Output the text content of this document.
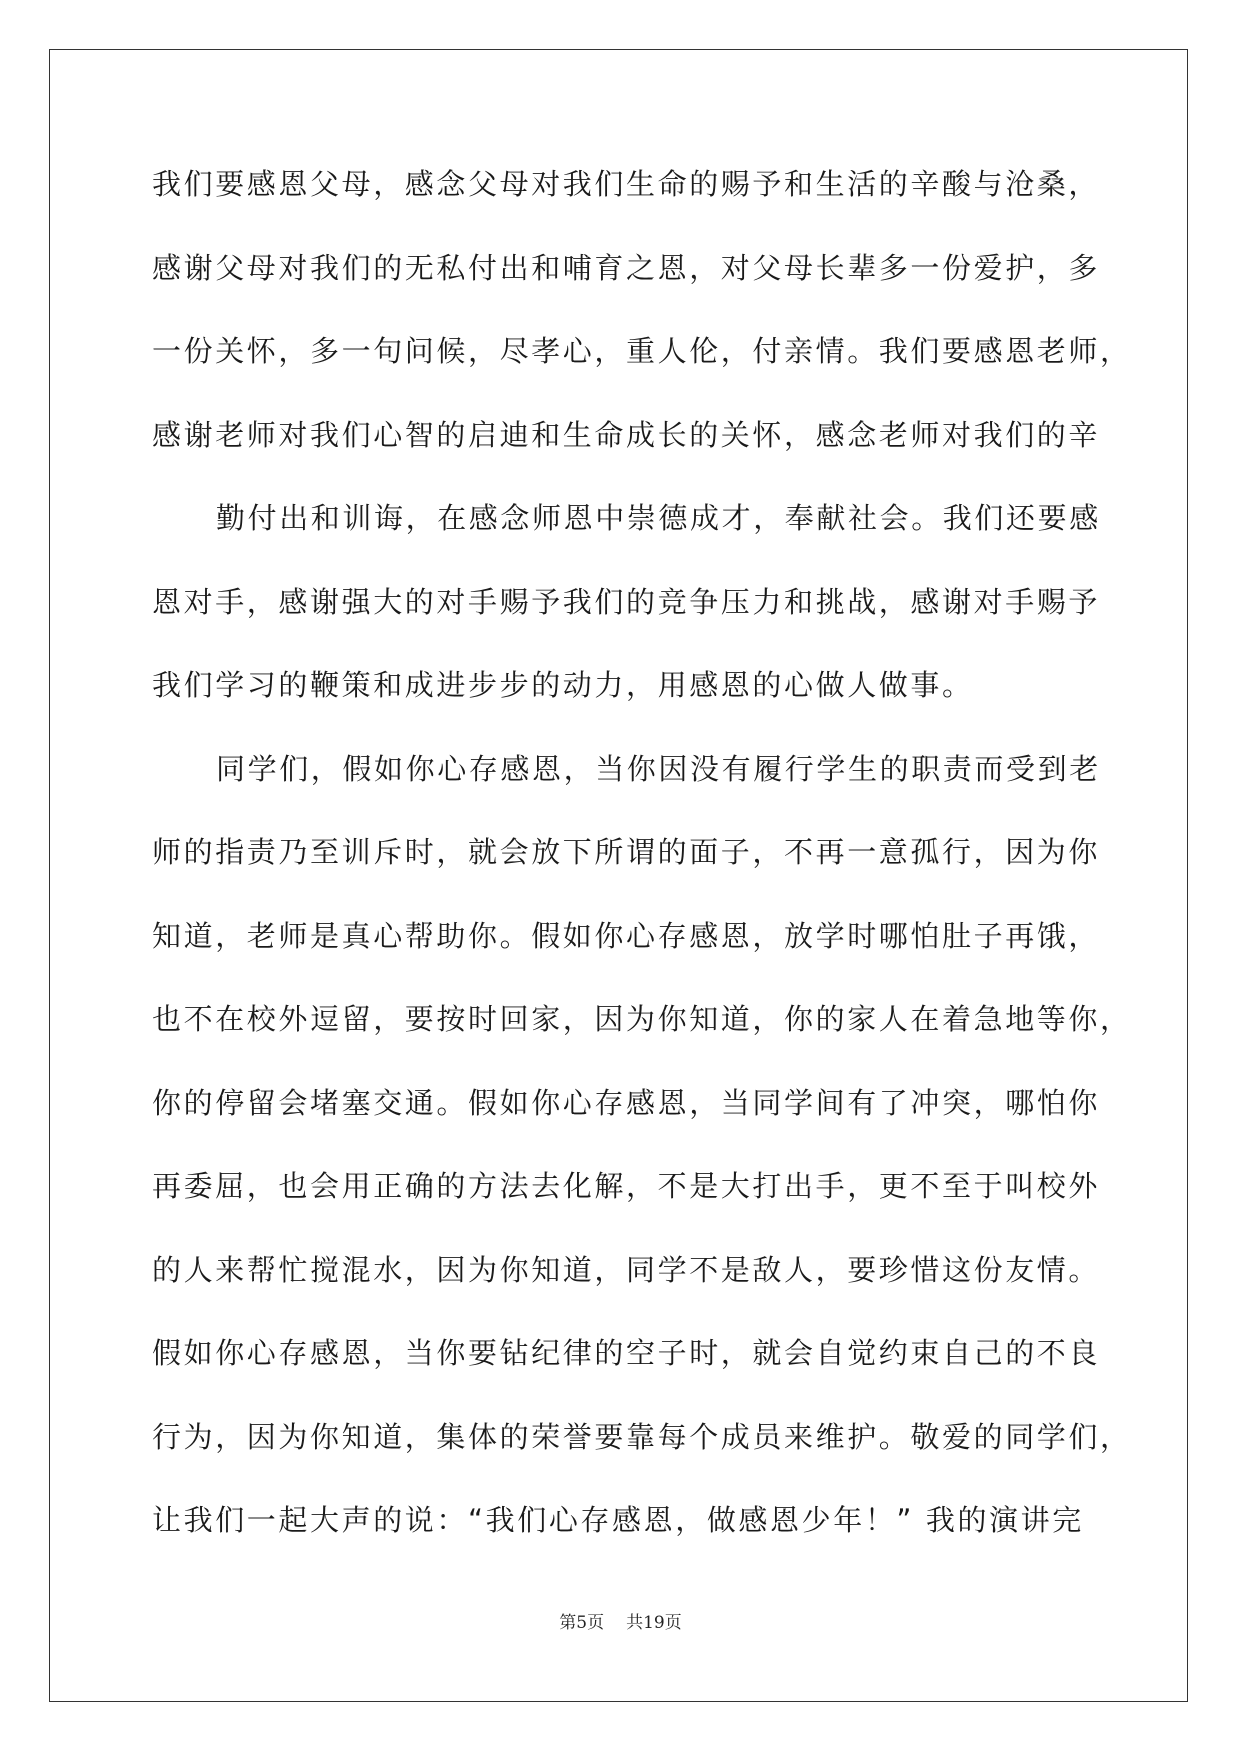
我们要感恩父母，感念父母对我们生命的赐予和生活的辛酸与沧桑，
感谢父母对我们的无私付出和哺育之恩，对父母长辈多一份爱护，多
一份关怀，多一句问候，尽孝心，重人伦，付亲情。我们要感恩老师，
感谢老师对我们心智的启迪和生命成长的关怀，感念老师对我们的辛
勤付出和训诲，在感念师恩中崇德成才，奉献社会。我们还要感
恩对手，感谢强大的对手赐予我们的竞争压力和挑战，感谢对手赐予
我们学习的鞭策和成进步步的动力，用感恩的心做人做事。
同学们，假如你心存感恩，当你因没有履行学生的职责而受到老
师的指责乃至训斥时，就会放下所谓的面子，不再一意孤行，因为你
知道，老师是真心帮助你。假如你心存感恩，放学时哪怕肚子再饿，
也不在校外逗留，要按时回家，因为你知道，你的家人在着急地等你，
你的停留会堵塞交通。假如你心存感恩，当同学间有了冲突，哪怕你
再委屈，也会用正确的方法去化解，不是大打出手，更不至于叫校外
的人来帮忙搅混水，因为你知道，同学不是敌人，要珍惜这份友情。
假如你心存感恩，当你要钻纪律的空子时，就会自觉约束自己的不良
行为，因为你知道，集体的荣誉要靠每个成员来维护。敬爱的同学们，
让我们一起大声的说：“我们心存感恩，做感恩少年！” 我的演讲完
第5页 共19页
